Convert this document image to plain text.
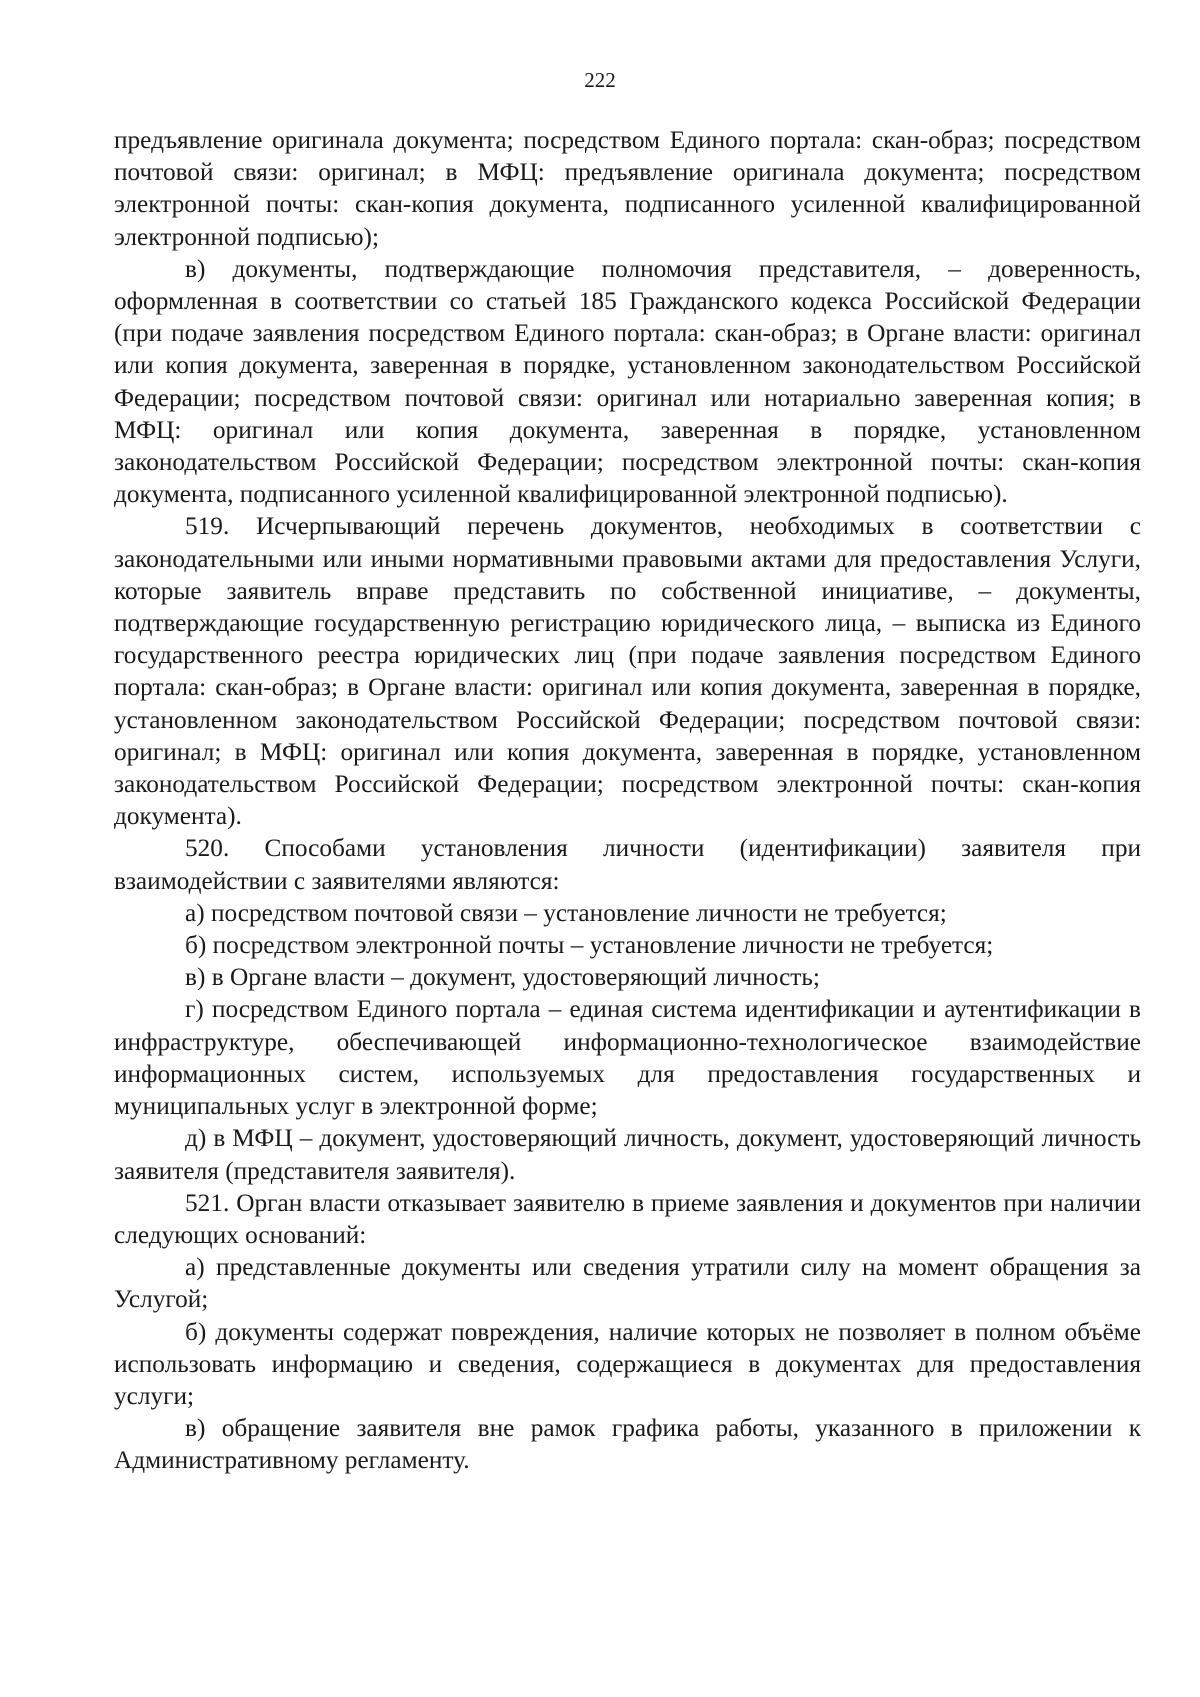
222

предъявление оригинала документа; посредством Единого портала: скан-образ; посредством почтовой связи: оригинал; в МФЦ: предъявление оригинала документа; посредством электронной почты: скан-копия документа, подписанного усиленной квалифицированной электронной подписью);

в) документы, подтверждающие полномочия представителя, – доверенность, оформленная в соответствии со статьей 185 Гражданского кодекса Российской Федерации (при подаче заявления посредством Единого портала: скан-образ; в Органе власти: оригинал или копия документа, заверенная в порядке, установленном законодательством Российской Федерации; посредством почтовой связи: оригинал или нотариально заверенная копия; в МФЦ: оригинал или копия документа, заверенная в порядке, установленном законодательством Российской Федерации; посредством электронной почты: скан-копия документа, подписанного усиленной квалифицированной электронной подписью).

519. Исчерпывающий перечень документов, необходимых в соответствии с законодательными или иными нормативными правовыми актами для предоставления Услуги, которые заявитель вправе представить по собственной инициативе, – документы, подтверждающие государственную регистрацию юридического лица, – выписка из Единого государственного реестра юридических лиц (при подаче заявления посредством Единого портала: скан-образ; в Органе власти: оригинал или копия документа, заверенная в порядке, установленном законодательством Российской Федерации; посредством почтовой связи: оригинал; в МФЦ: оригинал или копия документа, заверенная в порядке, установленном законодательством Российской Федерации; посредством электронной почты: скан-копия документа).

520. Способами установления личности (идентификации) заявителя при взаимодействии с заявителями являются:

а) посредством почтовой связи – установление личности не требуется;

б) посредством электронной почты – установление личности не требуется;

в) в Органе власти – документ, удостоверяющий личность;

г) посредством Единого портала – единая система идентификации и аутентификации в инфраструктуре, обеспечивающей информационно-технологическое взаимодействие информационных систем, используемых для предоставления государственных и муниципальных услуг в электронной форме;

д) в МФЦ – документ, удостоверяющий личность, документ, удостоверяющий личность заявителя (представителя заявителя).

521. Орган власти отказывает заявителю в приеме заявления и документов при наличии следующих оснований:

а) представленные документы или сведения утратили силу на момент обращения за Услугой;

б) документы содержат повреждения, наличие которых не позволяет в полном объёме использовать информацию и сведения, содержащиеся в документах для предоставления услуги;

в) обращение заявителя вне рамок графика работы, указанного в приложении к Административному регламенту.
